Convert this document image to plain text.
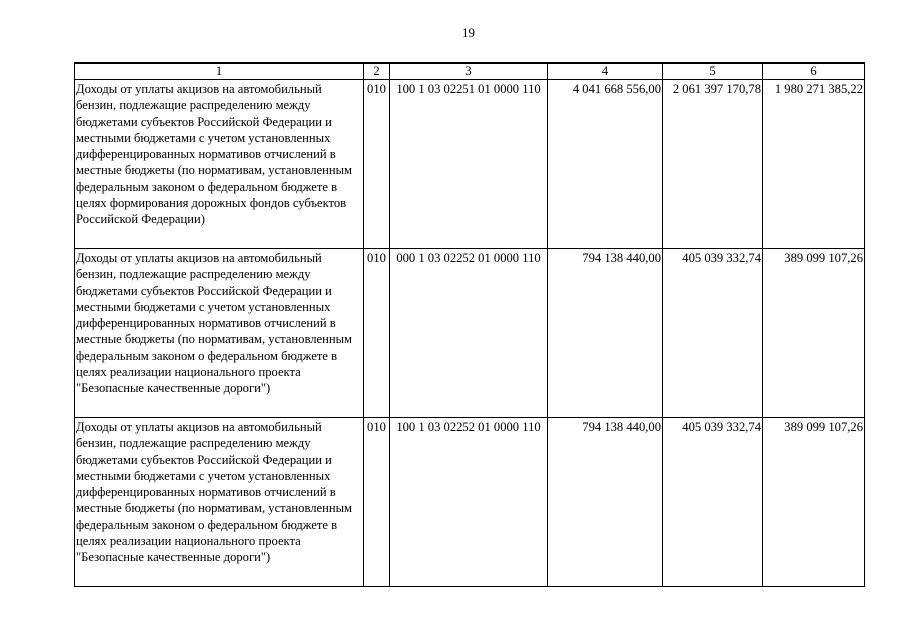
19
1	2	3	4	5	6
Доходы от уплаты акцизов на автомобильный бензин, подлежащие распределению между бюджетами субъектов Российской Федерации и местными бюджетами с учетом установленных дифференцированных нормативов отчислений в местные бюджеты (по нормативам, установленным федеральным законом о федеральном бюджете в целях формирования дорожных фондов субъектов Российской Федерации)	010	100 1 03 02251 01 0000 110	4 041 668 556,00	2 061 397 170,78	1 980 271 385,22
Доходы от уплаты акцизов на автомобильный бензин, подлежащие распределению между бюджетами субъектов Российской Федерации и местными бюджетами с учетом установленных дифференцированных нормативов отчислений в местные бюджеты (по нормативам, установленным федеральным законом о федеральном бюджете в целях реализации национального проекта "Безопасные качественные дороги")	010	000 1 03 02252 01 0000 110	794 138 440,00	405 039 332,74	389 099 107,26
Доходы от уплаты акцизов на автомобильный бензин, подлежащие распределению между бюджетами субъектов Российской Федерации и местными бюджетами с учетом установленных дифференцированных нормативов отчислений в местные бюджеты (по нормативам, установленным федеральным законом о федеральном бюджете в целях реализации национального проекта "Безопасные качественные дороги")	010	100 1 03 02252 01 0000 110	794 138 440,00	405 039 332,74	389 099 107,26
